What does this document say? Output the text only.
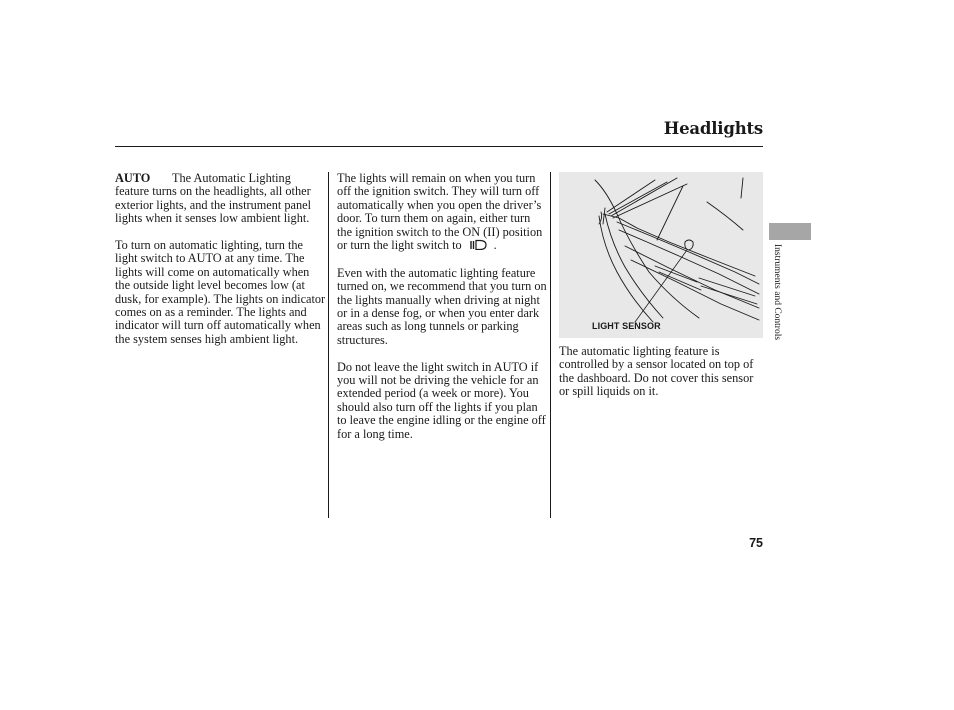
Headlights

AUTO The Automatic Lighting feature turns on the headlights, all other exterior lights, and the instrument panel lights when it senses low ambient light.

To turn on automatic lighting, turn the light switch to AUTO at any time. The lights will come on automatically when the outside light level becomes low (at dusk, for example). The lights on indicator comes on as a reminder. The lights and indicator will turn off automatically when the system senses high ambient light.

The lights will remain on when you turn off the ignition switch. They will turn off automatically when you open the driver’s door. To turn them on again, either turn the ignition switch to the ON (II) position or turn the light switch to	.

Even with the automatic lighting feature turned on, we recommend that you turn on the lights manually when driving at night or in a dense fog, or when you enter dark areas such as long tunnels or parking structures.

Do not leave the light switch in AUTO if you will not be driving the vehicle for an extended period (a week or more). You should also turn off the lights if you plan to leave the engine idling or the engine off for a long time.

LIGHT SENSOR

The automatic lighting feature is controlled by a sensor located on top of the dashboard. Do not cover this sensor or spill liquids on it.

Instruments and Controls
75
